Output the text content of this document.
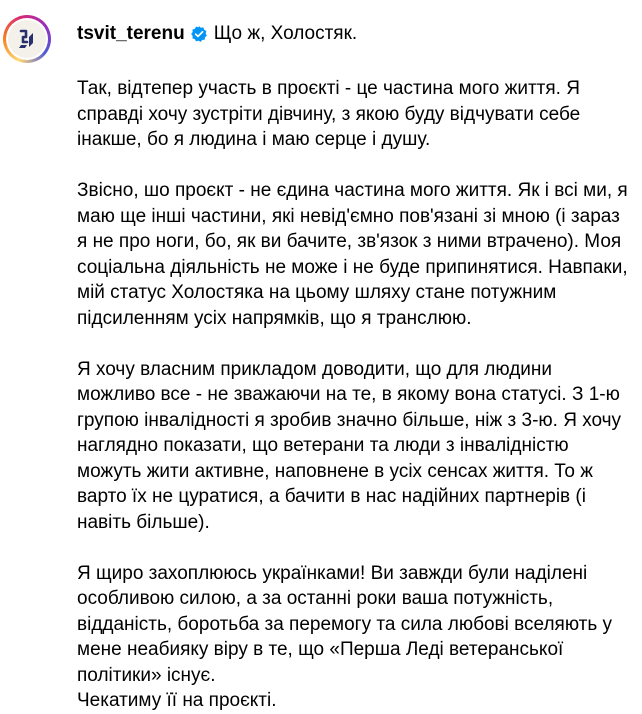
tsvit_terenu Що ж, Холостяк.

Так, відтепер участь в проєкті - це частина мого життя. Я справді хочу зустріти дівчину, з якою буду відчувати себе інакше, бо я людина і маю серце і душу.

Звісно, шо проєкт - не єдина частина мого життя. Як і всі ми, я маю ще інші частини, які невід'ємно пов'язані зі мною (і зараз я не про ноги, бо, як ви бачите, зв'язок з ними втрачено). Моя соціальна діяльність не може і не буде припинятися. Навпаки, мій статус Холостяка на цьому шляху стане потужним підсиленням усіх напрямків, що я транслюю.

Я хочу власним прикладом доводити, що для людини можливо все - не зважаючи на те, в якому вона статусі. З 1-ю групою інвалідності я зробив значно більше, ніж з 3-ю. Я хочу наглядно показати, що ветерани та люди з інвалідністю можуть жити активне, наповнене в усіх сенсах життя. То ж варто їх не цуратися, а бачити в нас надійних партнерів (і навіть більше).

Я щиро захоплююсь українками! Ви завжди були наділені особливою силою, а за останні роки ваша потужність, відданість, боротьба за перемогу та сила любові вселяють у мене неабияку віру в те, що «Перша Леді ветеранської політики» існує.
Чекатиму її на проєкті.
